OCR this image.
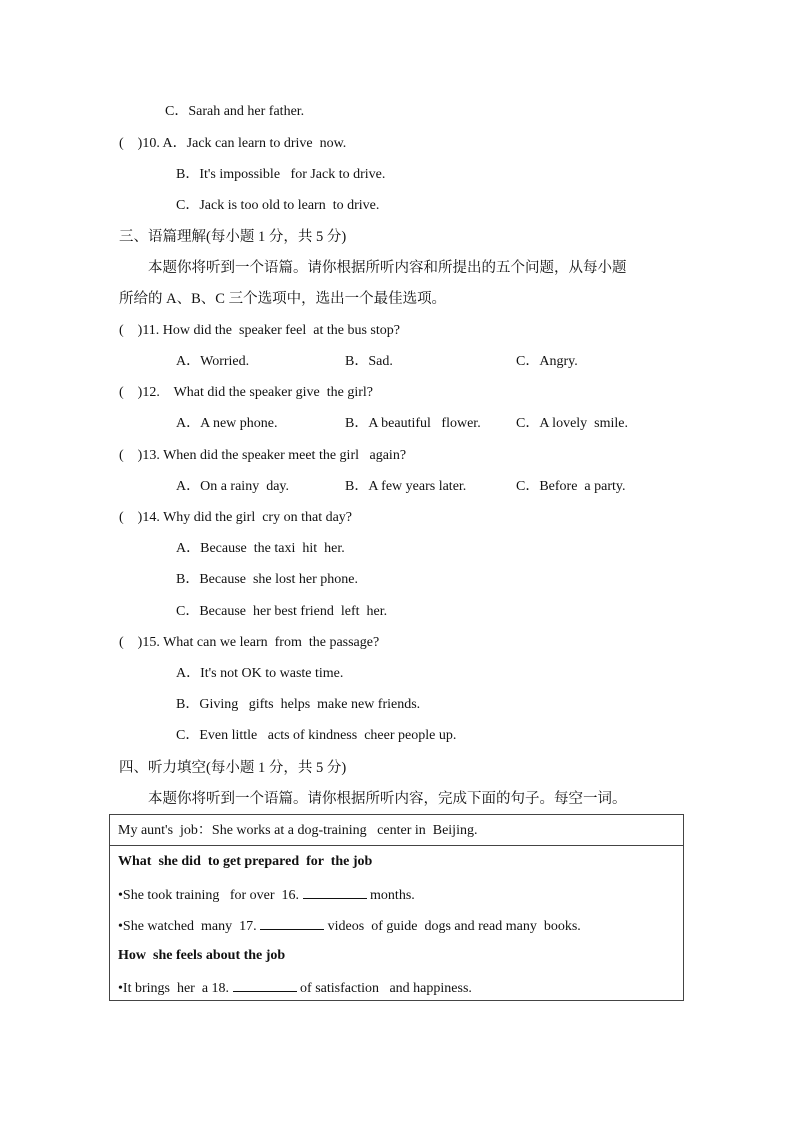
C．Sarah and her father.
(    )10. A．Jack can learn to drive  now.
B．It's impossible   for Jack to drive.
C．Jack is too old to learn  to drive.
三、语篇理解(每小题 1 分，共 5 分)
本题你将听到一个语篇。请你根据所听内容和所提出的五个问题，从每小题
所给的 A、B、C 三个选项中，选出一个最佳选项。
(    )11. How did the  speaker feel  at the bus stop?
A．Worried.	B．Sad.	C．Angry.
(    )12.    What did the speaker give  the girl?
A．A new phone.	B．A beautiful   flower.	C．A lovely  smile.
(    )13. When did the speaker meet the girl   again?
A．On a rainy  day.	B．A few years later.	C．Before  a party.
(    )14. Why did the girl  cry on that day?
A．Because  the taxi  hit  her.
B．Because  she lost her phone.
C．Because  her best friend  left  her.
(    )15. What can we learn  from  the passage?
A．It's not OK to waste time.
B．Giving   gifts  helps  make new friends.
C．Even little   acts of kindness  cheer people up.
四、听力填空(每小题 1 分，共 5 分)
本题你将听到一个语篇。请你根据所听内容，完成下面的句子。每空一词。
My aunt's  job：She works at a dog-training   center in  Beijing.
What  she did  to get prepared  for  the job
•She took training   for over  16.	months.
•She watched  many  17.	videos  of guide  dogs and read many  books.
How  she feels about the job
•It brings  her  a 18.	of satisfaction   and happiness.
